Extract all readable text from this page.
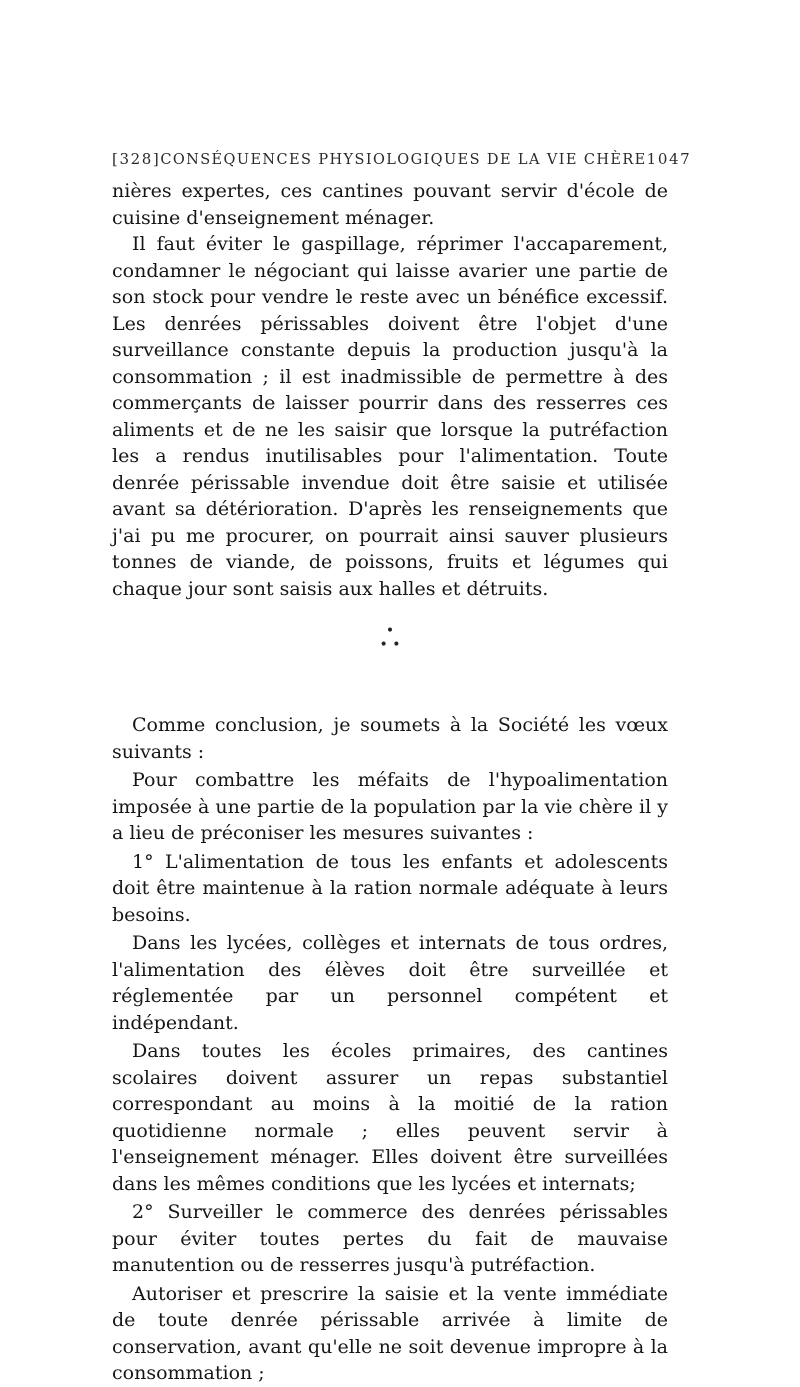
[328] CONSÉQUENCES PHYSIOLOGIQUES DE LA VIE CHÈRE 1047

nières expertes, ces cantines pouvant servir d'école de cuisine d'enseignement ménager.

Il faut éviter le gaspillage, réprimer l'accaparement, condamner le négociant qui laisse avarier une partie de son stock pour vendre le reste avec un bénéfice excessif. Les denrées périssables doivent être l'objet d'une surveillance constante depuis la production jusqu'à la consommation ; il est inadmissible de permettre à des commerçants de laisser pourrir dans des resserres ces aliments et de ne les saisir que lorsque la putréfaction les a rendus inutilisables pour l'alimentation. Toute denrée périssable invendue doit être saisie et utilisée avant sa détérioration. D'après les renseignements que j'ai pu me procurer, on pourrait ainsi sauver plusieurs tonnes de viande, de poissons, fruits et légumes qui chaque jour sont saisis aux halles et détruits.

•
• •

Comme conclusion, je soumets à la Société les vœux suivants :

Pour combattre les méfaits de l'hypoalimentation imposée à une partie de la population par la vie chère il y a lieu de préconiser les mesures suivantes :

1° L'alimentation de tous les enfants et adolescents doit être maintenue à la ration normale adéquate à leurs besoins.

Dans les lycées, collèges et internats de tous ordres, l'alimentation des élèves doit être surveillée et réglementée par un personnel compétent et indépendant.

Dans toutes les écoles primaires, des cantines scolaires doivent assurer un repas substantiel correspondant au moins à la moitié de la ration quotidienne normale ; elles peuvent servir à l'enseignement ménager. Elles doivent être surveillées dans les mêmes conditions que les lycées et internats;

2° Surveiller le commerce des denrées périssables pour éviter toutes pertes du fait de mauvaise manutention ou de resserres jusqu'à putréfaction.

Autoriser et prescrire la saisie et la vente immédiate de toute denrée périssable arrivée à limite de conservation, avant qu'elle ne soit devenue impropre à la consommation ;
